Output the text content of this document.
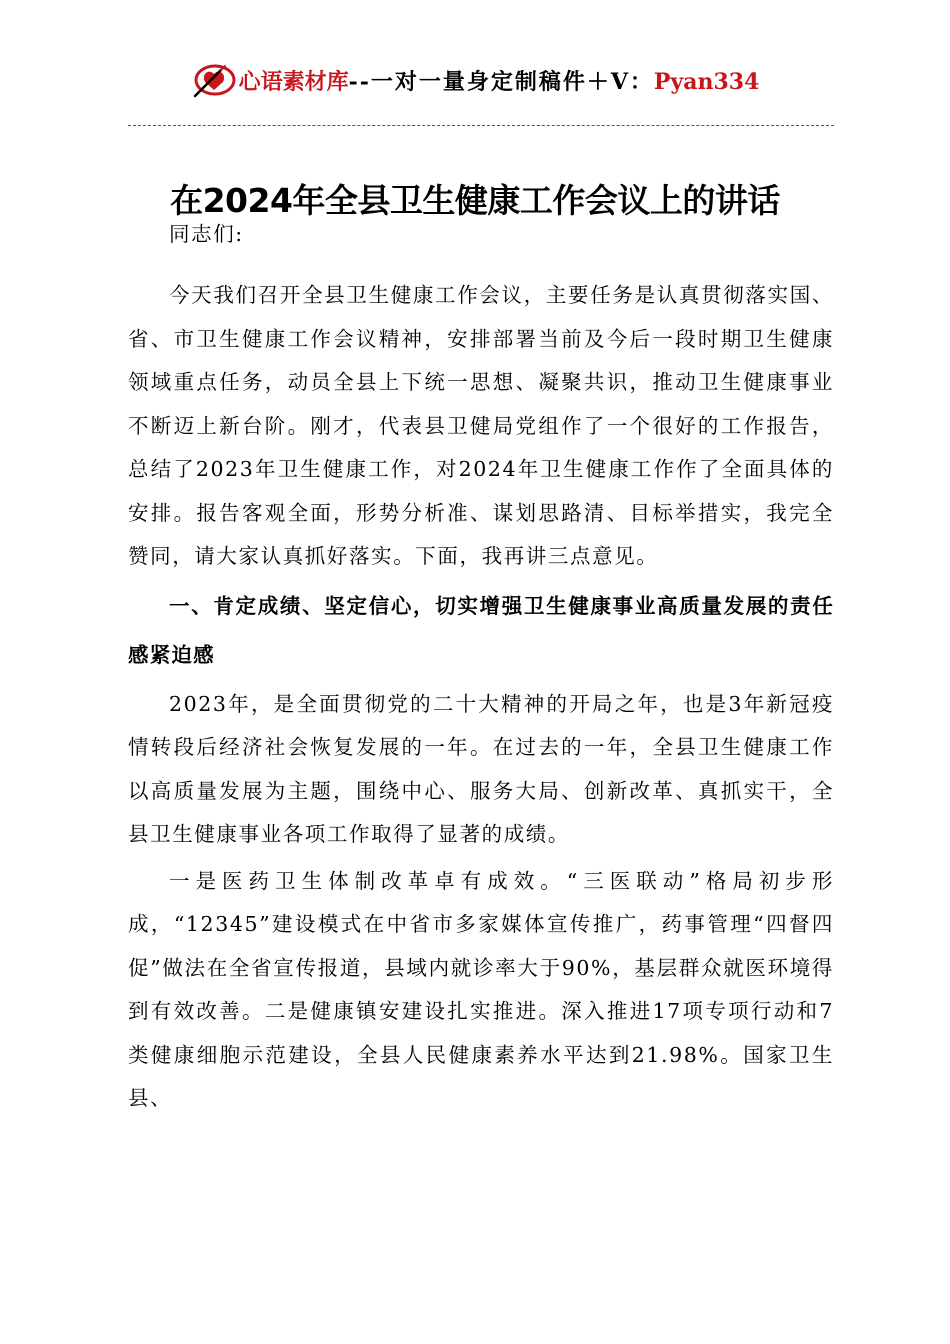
心语素材库--一对一量身定制稿件＋V：Pyan334
在2024年全县卫生健康工作会议上的讲话

同志们:

今天我们召开全县卫生健康工作会议，主要任务是认真贯彻落实国、省、市卫生健康工作会议精神，安排部署当前及今后一段时期卫生健康领域重点任务，动员全县上下统一思想、凝聚共识，推动卫生健康事业不断迈上新台阶。刚才，代表县卫健局党组作了一个很好的工作报告，总结了2023年卫生健康工作，对2024年卫生健康工作作了全面具体的安排。报告客观全面，形势分析准、谋划思路清、目标举措实，我完全赞同，请大家认真抓好落实。下面，我再讲三点意见。

一、肯定成绩、坚定信心，切实增强卫生健康事业高质量发展的责任感紧迫感

2023年，是全面贯彻党的二十大精神的开局之年，也是3年新冠疫情转段后经济社会恢复发展的一年。在过去的一年，全县卫生健康工作以高质量发展为主题，围绕中心、服务大局、创新改革、真抓实干，全县卫生健康事业各项工作取得了显著的成绩。

一是医药卫生体制改革卓有成效。“三医联动”格局初步形成，“12345”建设模式在中省市多家媒体宣传推广，药事管理“四督四促”做法在全省宣传报道，县域内就诊率大于90%，基层群众就医环境得到有效改善。二是健康镇安建设扎实推进。深入推进17项专项行动和7类健康细胞示范建设，全县人民健康素养水平达到21.98%。国家卫生县、
